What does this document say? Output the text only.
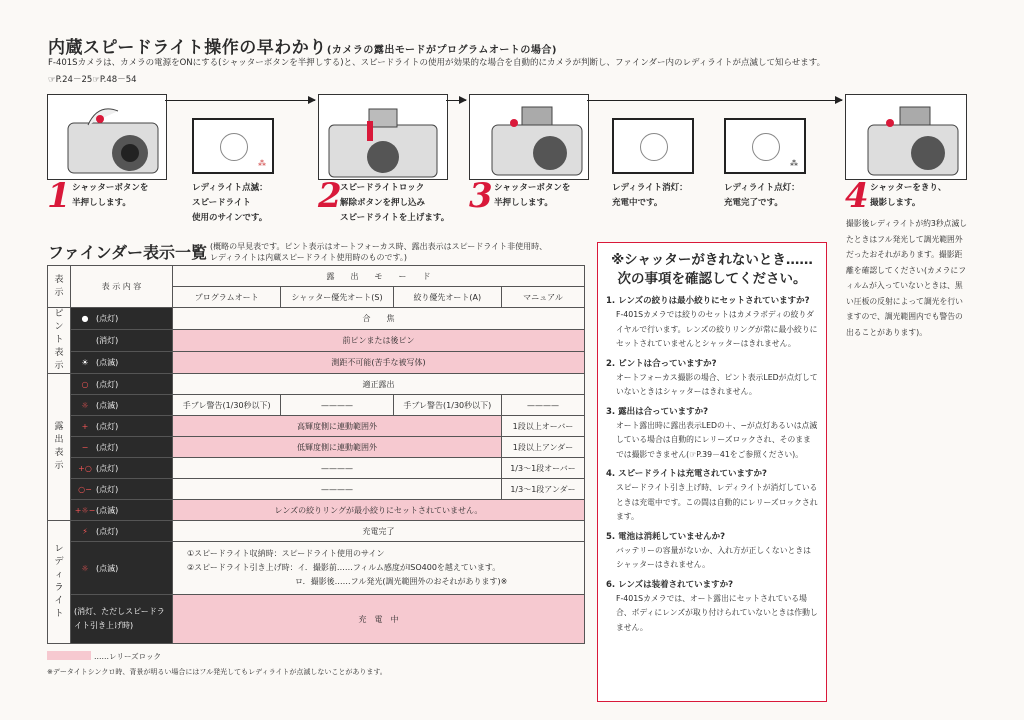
内蔵スピードライト操作の早わかり(カメラの露出モードがプログラムオートの場合)
F-401Sカメラは、カメラの電源をONにする(シャッターボタンを半押しする)と、スピードライトの使用が効果的な場合を自動的にカメラが判断し、ファインダー内のレディライトが点滅して知らせます。
☞P.24－25☞P.48－54
⁂	⁂
1 シャッターボタンを
半押しします。
レディライト点滅：
スピードライト
使用のサインです。
2
スピードライトロック
解除ボタンを押し込み
スピードライトを上げます。
3 シャッターボタンを
半押しします。
レディライト消灯：
充電中です。
レディライト点灯：
充電完了です。	4 シャッターをきり、
撮影します。
撮影後レディライトが約3秒点滅したときはフル発光して調光範囲外だったおそれがあります。撮影距離を確認してください(カメラにフィルムが入っていないときは、黒い圧板の反射によって調光を行いますので、調光範囲内でも警告の出ることがあります)。
ファインダー表示一覧 (概略の早見表です。ピント表示はオートフォーカス時、露出表示はスピードライト非使用時、
レディライトは内蔵スピードライト使用時のものです。)
表示	表 示 内 容	露　　出　　モ　　ー　　ド			
		プログラムオート	シャッター優先オート(S)	絞り優先オート(A)	マニュアル
ピント表示	● (点灯)	合　　焦			
	(消灯)	前ピンまたは後ピン			
	☀ (点滅)	測距不可能(苦手な被写体)			
露出表示	○ (点灯)	適正露出			
	☼ (点滅)	手ブレ警告(1/30秒以下)	————	手ブレ警告(1/30秒以下)	————
	+ (点灯)	高輝度側に連動範囲外			1段以上オーバー
	− (点灯)	低輝度側に連動範囲外			1段以上アンダー
	+○ (点灯)	————			1/3～1段オーバー
	○− (点灯)	————			1/3～1段アンダー
	+☼−(点滅)	レンズの絞りリングが最小絞りにセットされていません。			
レディライト	⚡ (点灯)	充電完了			
	☼ (点滅)	①スピードライト収納時：スピードライト使用のサイン
②スピードライト引き上げ時：イ．撮影前……フィルム感度がISO400を越えています。
ロ．撮影後……フル発光(調光範囲外のおそれがあります)※			

	(消灯、ただしスピードライト引き上げ時)	充　電　中			
……レリーズロック
※データイトシンクロ時、背景が明るい場合にはフル発光してもレディライトが点滅しないことがあります。
※シャッターがきれないとき……
次の事項を確認してください。
1. レンズの絞りは最小絞りにセットされていますか?
F-401Sカメラでは絞りのセットはカメラボディの絞りダイヤルで行います。レンズの絞りリングが常に最小絞りにセットされていませんとシャッターはきれません。
2. ピントは合っていますか?
オートフォーカス撮影の場合、ピント表示LEDが点灯していないときはシャッターはきれません。
3. 露出は合っていますか?
オート露出時に露出表示LEDの＋、−が点灯あるいは点滅している場合は自動的にレリーズロックされ、そのままでは撮影できません(☞P.39－41をご参照ください)。
4. スピードライトは充電されていますか?
スピードライト引き上げ時、レディライトが消灯しているときは充電中です。この間は自動的にレリーズロックされます。
5. 電池は消耗していませんか?
バッテリーの容量がないか、入れ方が正しくないときはシャッターはきれません。
6. レンズは装着されていますか?
F-401Sカメラでは、オート露出にセットされている場合、ボディにレンズが取り付けられていないときは作動しません。
